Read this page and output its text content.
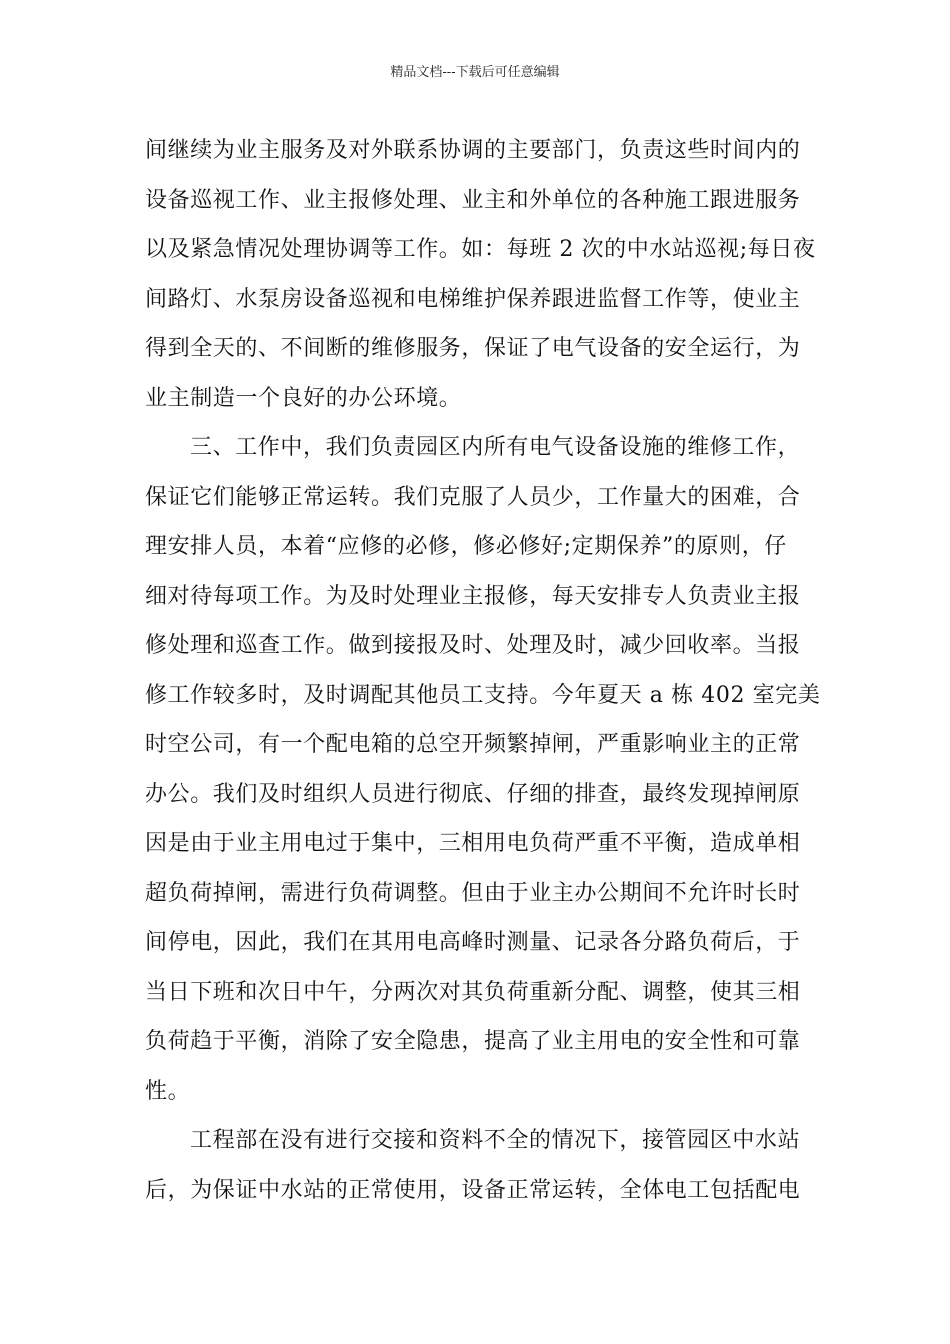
精品文档---下载后可任意编辑
间继续为业主服务及对外联系协调的主要部门，负责这些时间内的
设备巡视工作、业主报修处理、业主和外单位的各种施工跟进服务
以及紧急情况处理协调等工作。如：每班 2 次的中水站巡视;每日夜
间路灯、水泵房设备巡视和电梯维护保养跟进监督工作等，使业主
得到全天的、不间断的维修服务，保证了电气设备的安全运行，为
业主制造一个良好的办公环境。
三、工作中，我们负责园区内所有电气设备设施的维修工作，
保证它们能够正常运转。我们克服了人员少，工作量大的困难，合
理安排人员，本着“应修的必修，修必修好;定期保养”的原则，仔
细对待每项工作。为及时处理业主报修，每天安排专人负责业主报
修处理和巡查工作。做到接报及时、处理及时，减少回收率。当报
修工作较多时，及时调配其他员工支持。今年夏天 a 栋 402 室完美
时空公司，有一个配电箱的总空开频繁掉闸，严重影响业主的正常
办公。我们及时组织人员进行彻底、仔细的排查，最终发现掉闸原
因是由于业主用电过于集中，三相用电负荷严重不平衡，造成单相
超负荷掉闸，需进行负荷调整。但由于业主办公期间不允许时长时
间停电，因此，我们在其用电高峰时测量、记录各分路负荷后，于
当日下班和次日中午，分两次对其负荷重新分配、调整，使其三相
负荷趋于平衡，消除了安全隐患，提高了业主用电的安全性和可靠
性。
工程部在没有进行交接和资料不全的情况下，接管园区中水站
后，为保证中水站的正常使用，设备正常运转，全体电工包括配电
